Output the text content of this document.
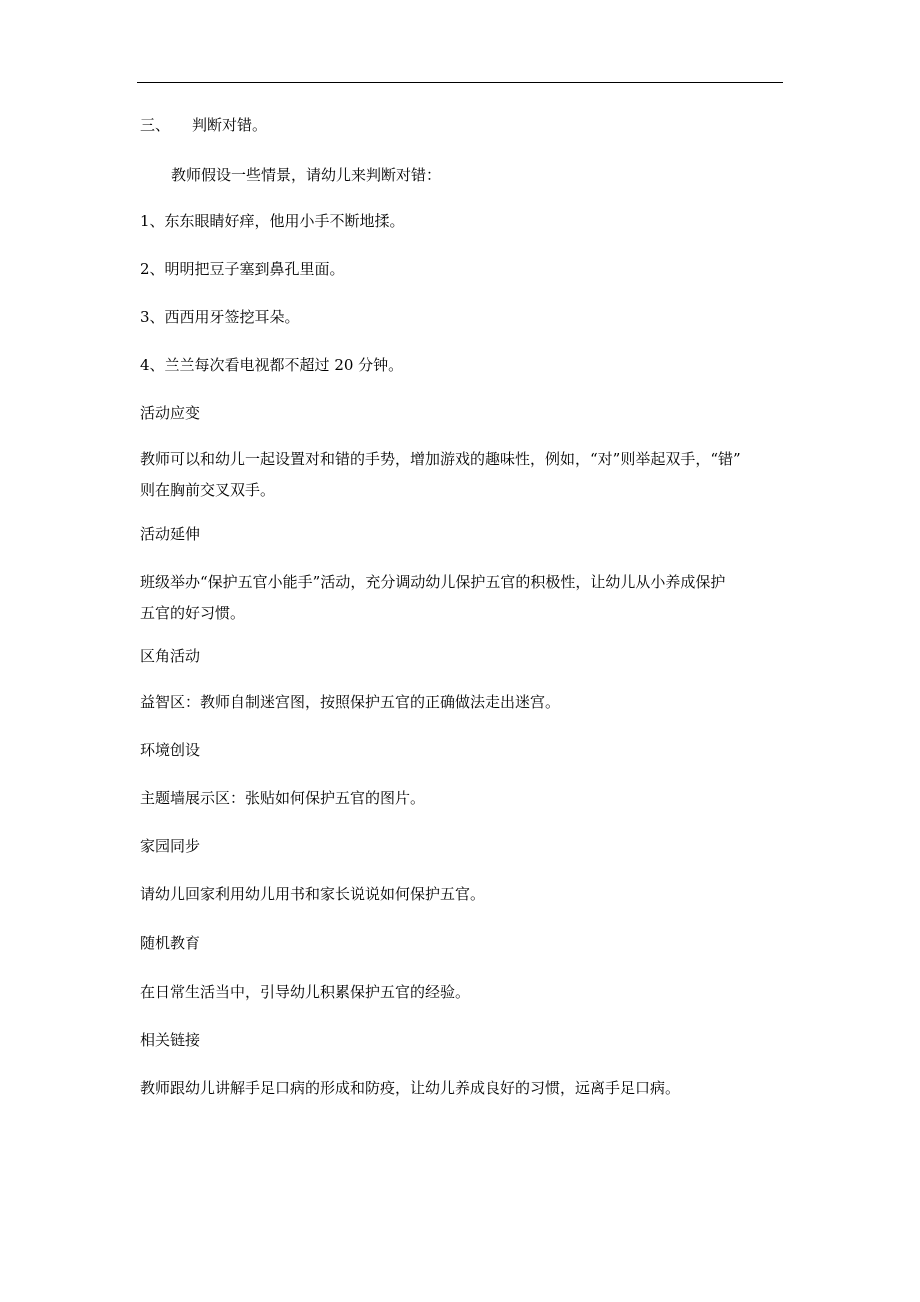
三、 判断对错。
教师假设一些情景，请幼儿来判断对错：
1、东东眼睛好痒，他用小手不断地揉。
2、明明把豆子塞到鼻孔里面。
3、西西用牙签挖耳朵。
4、兰兰每次看电视都不超过 20 分钟。
活动应变
教师可以和幼儿一起设置对和错的手势，增加游戏的趣味性，例如，“对”则举起双手，“错”
则在胸前交叉双手。
活动延伸
班级举办“保护五官小能手”活动，充分调动幼儿保护五官的积极性，让幼儿从小养成保护
五官的好习惯。
区角活动
益智区：教师自制迷宫图，按照保护五官的正确做法走出迷宫。
环境创设
主题墙展示区：张贴如何保护五官的图片。
家园同步
请幼儿回家利用幼儿用书和家长说说如何保护五官。
随机教育
在日常生活当中，引导幼儿积累保护五官的经验。
相关链接
教师跟幼儿讲解手足口病的形成和防疫，让幼儿养成良好的习惯，远离手足口病。
